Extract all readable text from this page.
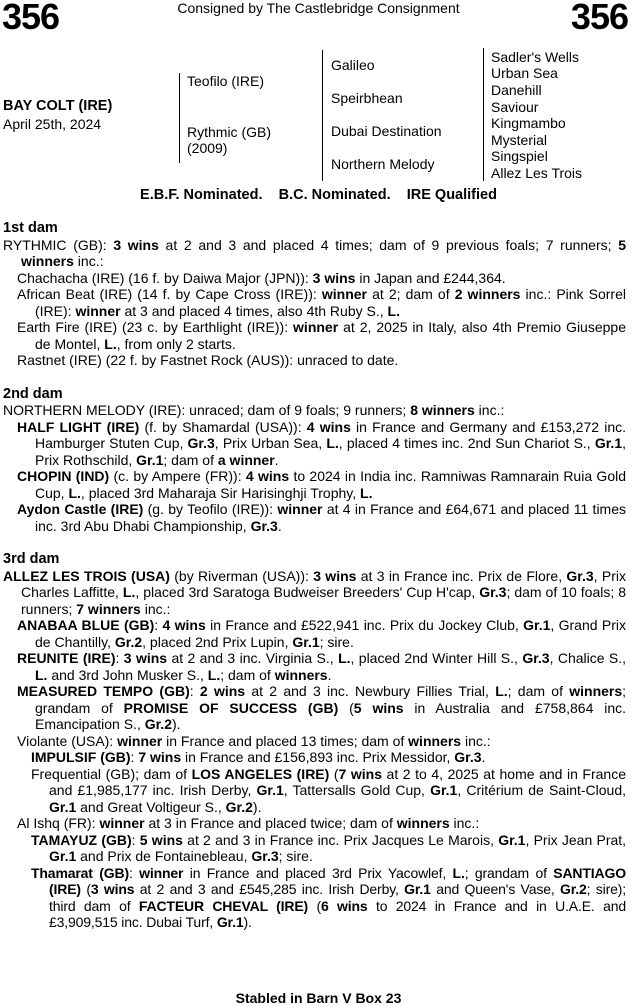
356	Consigned by The Castlebridge Consignment	356
BAY COLT (IRE)
April 25th, 2024
Teofilo (IRE)
Rythmic (GB)
(2009)
Galileo
Speirbhean
Dubai Destination
Northern Melody
Sadler's Wells
Urban Sea
Danehill
Saviour
Kingmambo
Mysterial
Singspiel
Allez Les Trois
E.B.F. Nominated.    B.C. Nominated.    IRE Qualified

1st dam

RYTHMIC (GB): 3 wins at 2 and 3 and placed 4 times; dam of 9 previous foals; 7 runners; 5 winners inc.:

Chachacha (IRE) (16 f. by Daiwa Major (JPN)): 3 wins in Japan and £244,364.

African Beat (IRE) (14 f. by Cape Cross (IRE)): winner at 2; dam of 2 winners inc.: Pink Sorrel (IRE): winner at 3 and placed 4 times, also 4th Ruby S., L.

Earth Fire (IRE) (23 c. by Earthlight (IRE)): winner at 2, 2025 in Italy, also 4th Premio Giuseppe de Montel, L., from only 2 starts.

Rastnet (IRE) (22 f. by Fastnet Rock (AUS)): unraced to date.

2nd dam

NORTHERN MELODY (IRE): unraced; dam of 9 foals; 9 runners; 8 winners inc.:

HALF LIGHT (IRE) (f. by Shamardal (USA)): 4 wins in France and Germany and £153,272 inc. Hamburger Stuten Cup, Gr.3, Prix Urban Sea, L., placed 4 times inc. 2nd Sun Chariot S., Gr.1, Prix Rothschild, Gr.1; dam of a winner.

CHOPIN (IND) (c. by Ampere (FR)): 4 wins to 2024 in India inc. Ramniwas Ramnarain Ruia Gold Cup, L., placed 3rd Maharaja Sir Harisinghji Trophy, L.

Aydon Castle (IRE) (g. by Teofilo (IRE)): winner at 4 in France and £64,671 and placed 11 times inc. 3rd Abu Dhabi Championship, Gr.3.

3rd dam

ALLEZ LES TROIS (USA) (by Riverman (USA)): 3 wins at 3 in France inc. Prix de Flore, Gr.3, Prix Charles Laffitte, L., placed 3rd Saratoga Budweiser Breeders' Cup H'cap, Gr.3; dam of 10 foals; 8 runners; 7 winners inc.:

ANABAA BLUE (GB): 4 wins in France and £522,941 inc. Prix du Jockey Club, Gr.1, Grand Prix de Chantilly, Gr.2, placed 2nd Prix Lupin, Gr.1; sire.

REUNITE (IRE): 3 wins at 2 and 3 inc. Virginia S., L., placed 2nd Winter Hill S., Gr.3, Chalice S., L. and 3rd John Musker S., L.; dam of winners.

MEASURED TEMPO (GB): 2 wins at 2 and 3 inc. Newbury Fillies Trial, L.; dam of winners; grandam of PROMISE OF SUCCESS (GB) (5 wins in Australia and £758,864 inc. Emancipation S., Gr.2).

Violante (USA): winner in France and placed 13 times; dam of winners inc.:

IMPULSIF (GB): 7 wins in France and £156,893 inc. Prix Messidor, Gr.3.

Frequential (GB); dam of LOS ANGELES (IRE) (7 wins at 2 to 4, 2025 at home and in France and £1,985,177 inc. Irish Derby, Gr.1, Tattersalls Gold Cup, Gr.1, Critérium de Saint-Cloud, Gr.1 and Great Voltigeur S., Gr.2).

Al Ishq (FR): winner at 3 in France and placed twice; dam of winners inc.:

TAMAYUZ (GB): 5 wins at 2 and 3 in France inc. Prix Jacques Le Marois, Gr.1, Prix Jean Prat, Gr.1 and Prix de Fontainebleau, Gr.3; sire.

Thamarat (GB): winner in France and placed 3rd Prix Yacowlef, L.; grandam of SANTIAGO (IRE) (3 wins at 2 and 3 and £545,285 inc. Irish Derby, Gr.1 and Queen's Vase, Gr.2; sire); third dam of FACTEUR CHEVAL (IRE) (6 wins to 2024 in France and in U.A.E. and £3,909,515 inc. Dubai Turf, Gr.1).

Stabled in Barn V Box 23
